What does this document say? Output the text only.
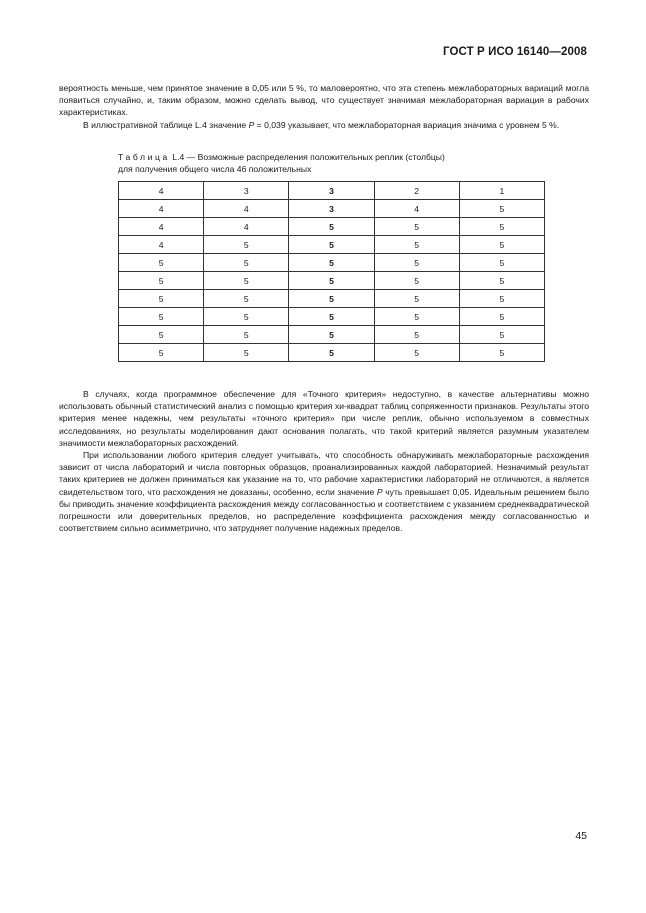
ГОСТ Р ИСО 16140—2008

вероятность меньше, чем принятое значение в 0,05 или 5 %, то маловероятно, что эта степень межлабораторных вариаций могла появиться случайно, и, таким образом, можно сделать вывод, что существует значимая межлабораторная вариация в рабочих характеристиках.

В иллюстративной таблице L.4 значение P = 0,039 указывает, что межлабораторная вариация значима с уровнем 5 %.

Таблица L.4 — Возможные распределения положительных реплик (столбцы)
для получения общего числа 46 положительных
4	3	3	2	1
4	4	3	4	5
4	4	5	5	5
4	5	5	5	5
5	5	5	5	5
5	5	5	5	5
5	5	5	5	5
5	5	5	5	5
5	5	5	5	5
5	5	5	5	5

В случаях, когда программное обеспечение для «Точного критерия» недоступно, в качестве альтернативы можно использовать обычный статистический анализ с помощью критерия хи-квадрат таблиц сопряженности признаков. Результаты этого критерия менее надежны, чем результаты «точного критерия» при числе реплик, обычно используемом в совместных исследованиях, но результаты моделирования дают основания полагать, что такой критерий является разумным указателем значимости межлабораторных расхождений.

При использовании любого критерия следует учитывать, что способность обнаруживать межлабораторные расхождения зависит от числа лабораторий и числа повторных образцов, проанализированных каждой лабораторией. Незначимый результат таких критериев не должен приниматься как указание на то, что рабочие характеристики лабораторий не отличаются, а является свидетельством того, что расхождения не доказаны, особенно, если значение P чуть превышает 0,05. Идеальным решением было бы приводить значение коэффициента расхождения между согласованностью и соответствием с указанием среднеквадратической погрешности или доверительных пределов, но распределение коэффициента расхождения между согласованностью и соответствием сильно асимметрично, что затрудняет получение надежных пределов.

45
